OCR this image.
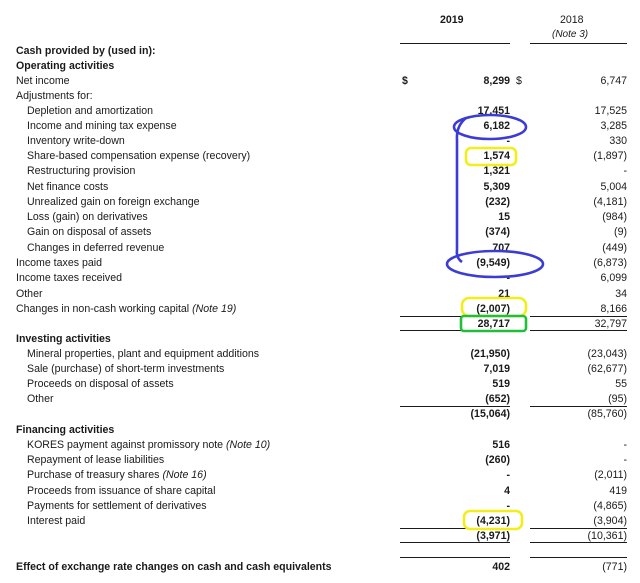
2019	2018
(Note 3)
Cash provided by (used in):
Operating activities
Net income	$	8,299 $	6,747
Adjustments for:
Depletion and amortization	17,451	17,525
Income and mining tax expense	6,182	3,285
Inventory write-down	-	330
Share-based compensation expense (recovery)	1,574	(1,897)
Restructuring provision	1,321	-
Net finance costs	5,309	5,004
Unrealized gain on foreign exchange	(232)	(4,181)
Loss (gain) on derivatives	15	(984)
Gain on disposal of assets	(374)	(9)
Changes in deferred revenue	707	(449)
Income taxes paid	(9,549)	(6,873)
Income taxes received	-	6,099
Other	21	34
Changes in non-cash working capital (Note 19)	(2,007)	8,166
28,717	32,797
Investing activities
Mineral properties, plant and equipment additions	(21,950)	(23,043)
Sale (purchase) of short-term investments	7,019	(62,677)
Proceeds on disposal of assets	519	55
Other	(652)	(95)
(15,064)	(85,760)
Financing activities
KORES payment against promissory note (Note 10)	516	-
Repayment of lease liabilities	(260)	-
Purchase of treasury shares (Note 16)	-	(2,011)
Proceeds from issuance of share capital	4	419
Payments for settlement of derivatives	-	(4,865)
Interest paid	(4,231)	(3,904)
(3,971)	(10,361)
Effect of exchange rate changes on cash and cash equivalents	402	(771)
